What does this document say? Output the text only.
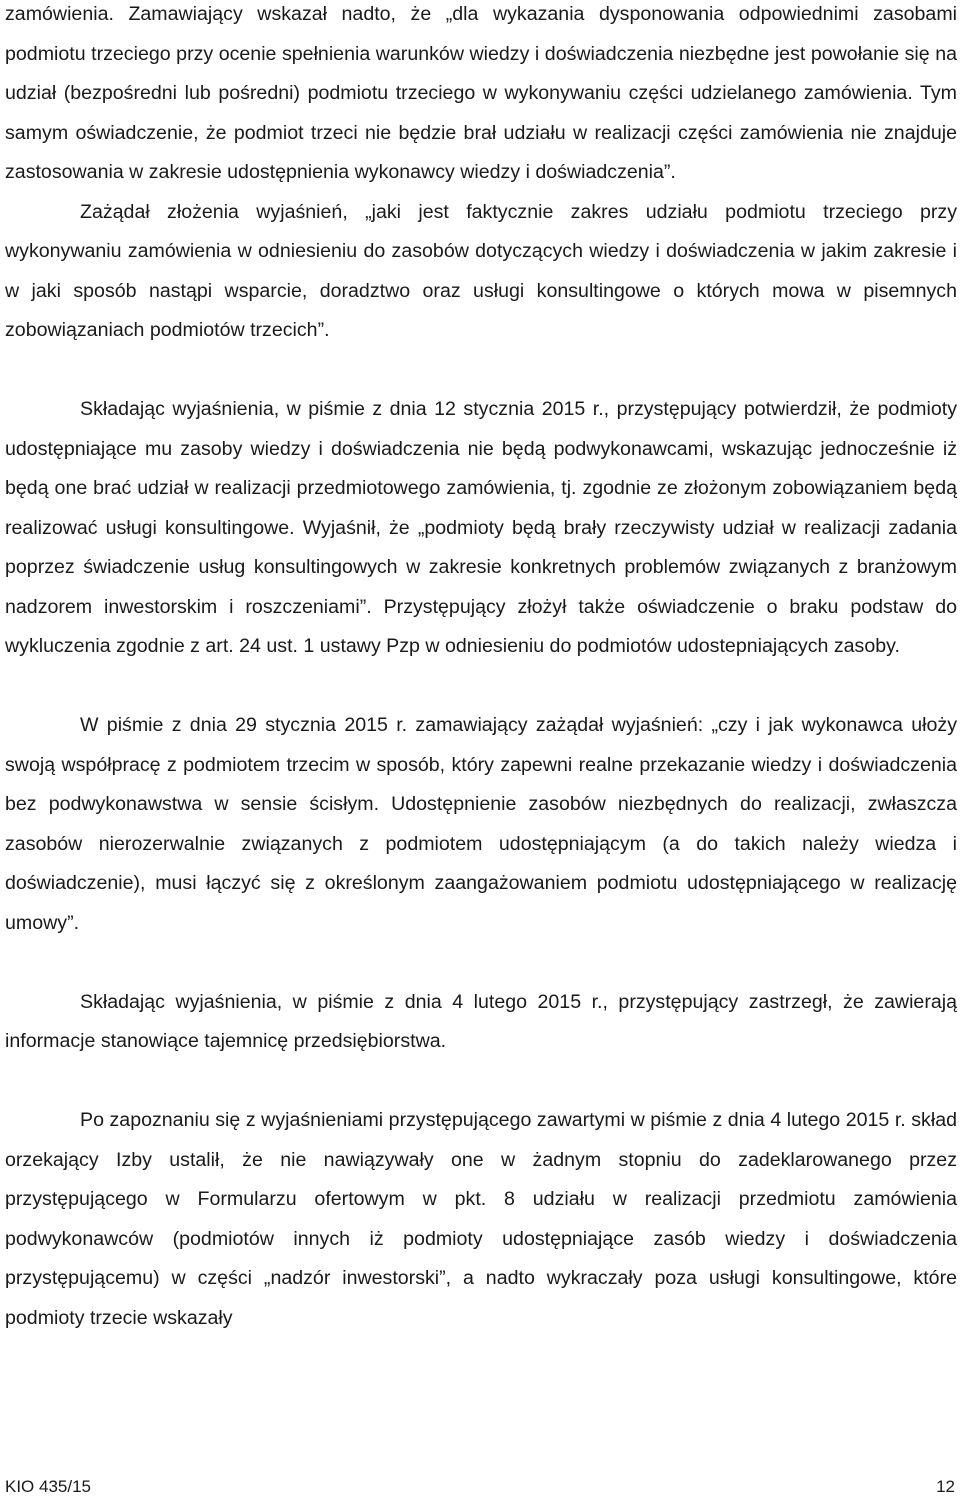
zamówienia. Zamawiający wskazał nadto, że „dla wykazania dysponowania odpowiednimi zasobami podmiotu trzeciego przy ocenie spełnienia warunków wiedzy i doświadczenia niezbędne jest powołanie się na udział (bezpośredni lub pośredni) podmiotu trzeciego w wykonywaniu części udzielanego zamówienia. Tym samym oświadczenie, że podmiot trzeci nie będzie brał udziału w realizacji części zamówienia nie znajduje zastosowania w zakresie udostępnienia wykonawcy wiedzy i doświadczenia”.

Zażądał złożenia wyjaśnień, „jaki jest faktycznie zakres udziału podmiotu trzeciego przy wykonywaniu zamówienia w odniesieniu do zasobów dotyczących wiedzy i doświadczenia w jakim zakresie i w jaki sposób nastąpi wsparcie, doradztwo oraz usługi konsultingowe o których mowa w pisemnych zobowiązaniach podmiotów trzecich”.

Składając wyjaśnienia, w piśmie z dnia 12 stycznia 2015 r., przystępujący potwierdził, że podmioty udostępniające mu zasoby wiedzy i doświadczenia nie będą podwykonawcami, wskazując jednocześnie iż będą one brać udział w realizacji przedmiotowego zamówienia, tj. zgodnie ze złożonym zobowiązaniem będą realizować usługi konsultingowe. Wyjaśnił, że „podmioty będą brały rzeczywisty udział w realizacji zadania poprzez świadczenie usług konsultingowych w zakresie konkretnych problemów związanych z branżowym nadzorem inwestorskim i roszczeniami”. Przystępujący złożył także oświadczenie o braku podstaw do wykluczenia zgodnie z art. 24 ust. 1 ustawy Pzp w odniesieniu do podmiotów udostepniających zasoby.

W piśmie z dnia 29 stycznia 2015 r. zamawiający zażądał wyjaśnień: „czy i jak wykonawca ułoży swoją współpracę z podmiotem trzecim w sposób, który zapewni realne przekazanie wiedzy i doświadczenia bez podwykonawstwa w sensie ścisłym. Udostępnienie zasobów niezbędnych do realizacji, zwłaszcza zasobów nierozerwalnie związanych z podmiotem udostępniającym (a do takich należy wiedza i doświadczenie), musi łączyć się z określonym zaangażowaniem podmiotu udostępniającego w realizację umowy”.

Składając wyjaśnienia, w piśmie z dnia 4 lutego 2015 r., przystępujący zastrzegł, że zawierają informacje stanowiące tajemnicę przedsiębiorstwa.

Po zapoznaniu się z wyjaśnieniami przystępującego zawartymi w piśmie z dnia 4 lutego 2015 r. skład orzekający Izby ustalił, że nie nawiązywały one w żadnym stopniu do zadeklarowanego przez przystępującego w Formularzu ofertowym w pkt. 8 udziału w realizacji przedmiotu zamówienia podwykonawców (podmiotów innych iż podmioty udostępniające zasób wiedzy i doświadczenia przystępującemu) w części „nadzór inwestorski”, a nadto wykraczały poza usługi konsultingowe, które podmioty trzecie wskazały

KIO 435/15	12
